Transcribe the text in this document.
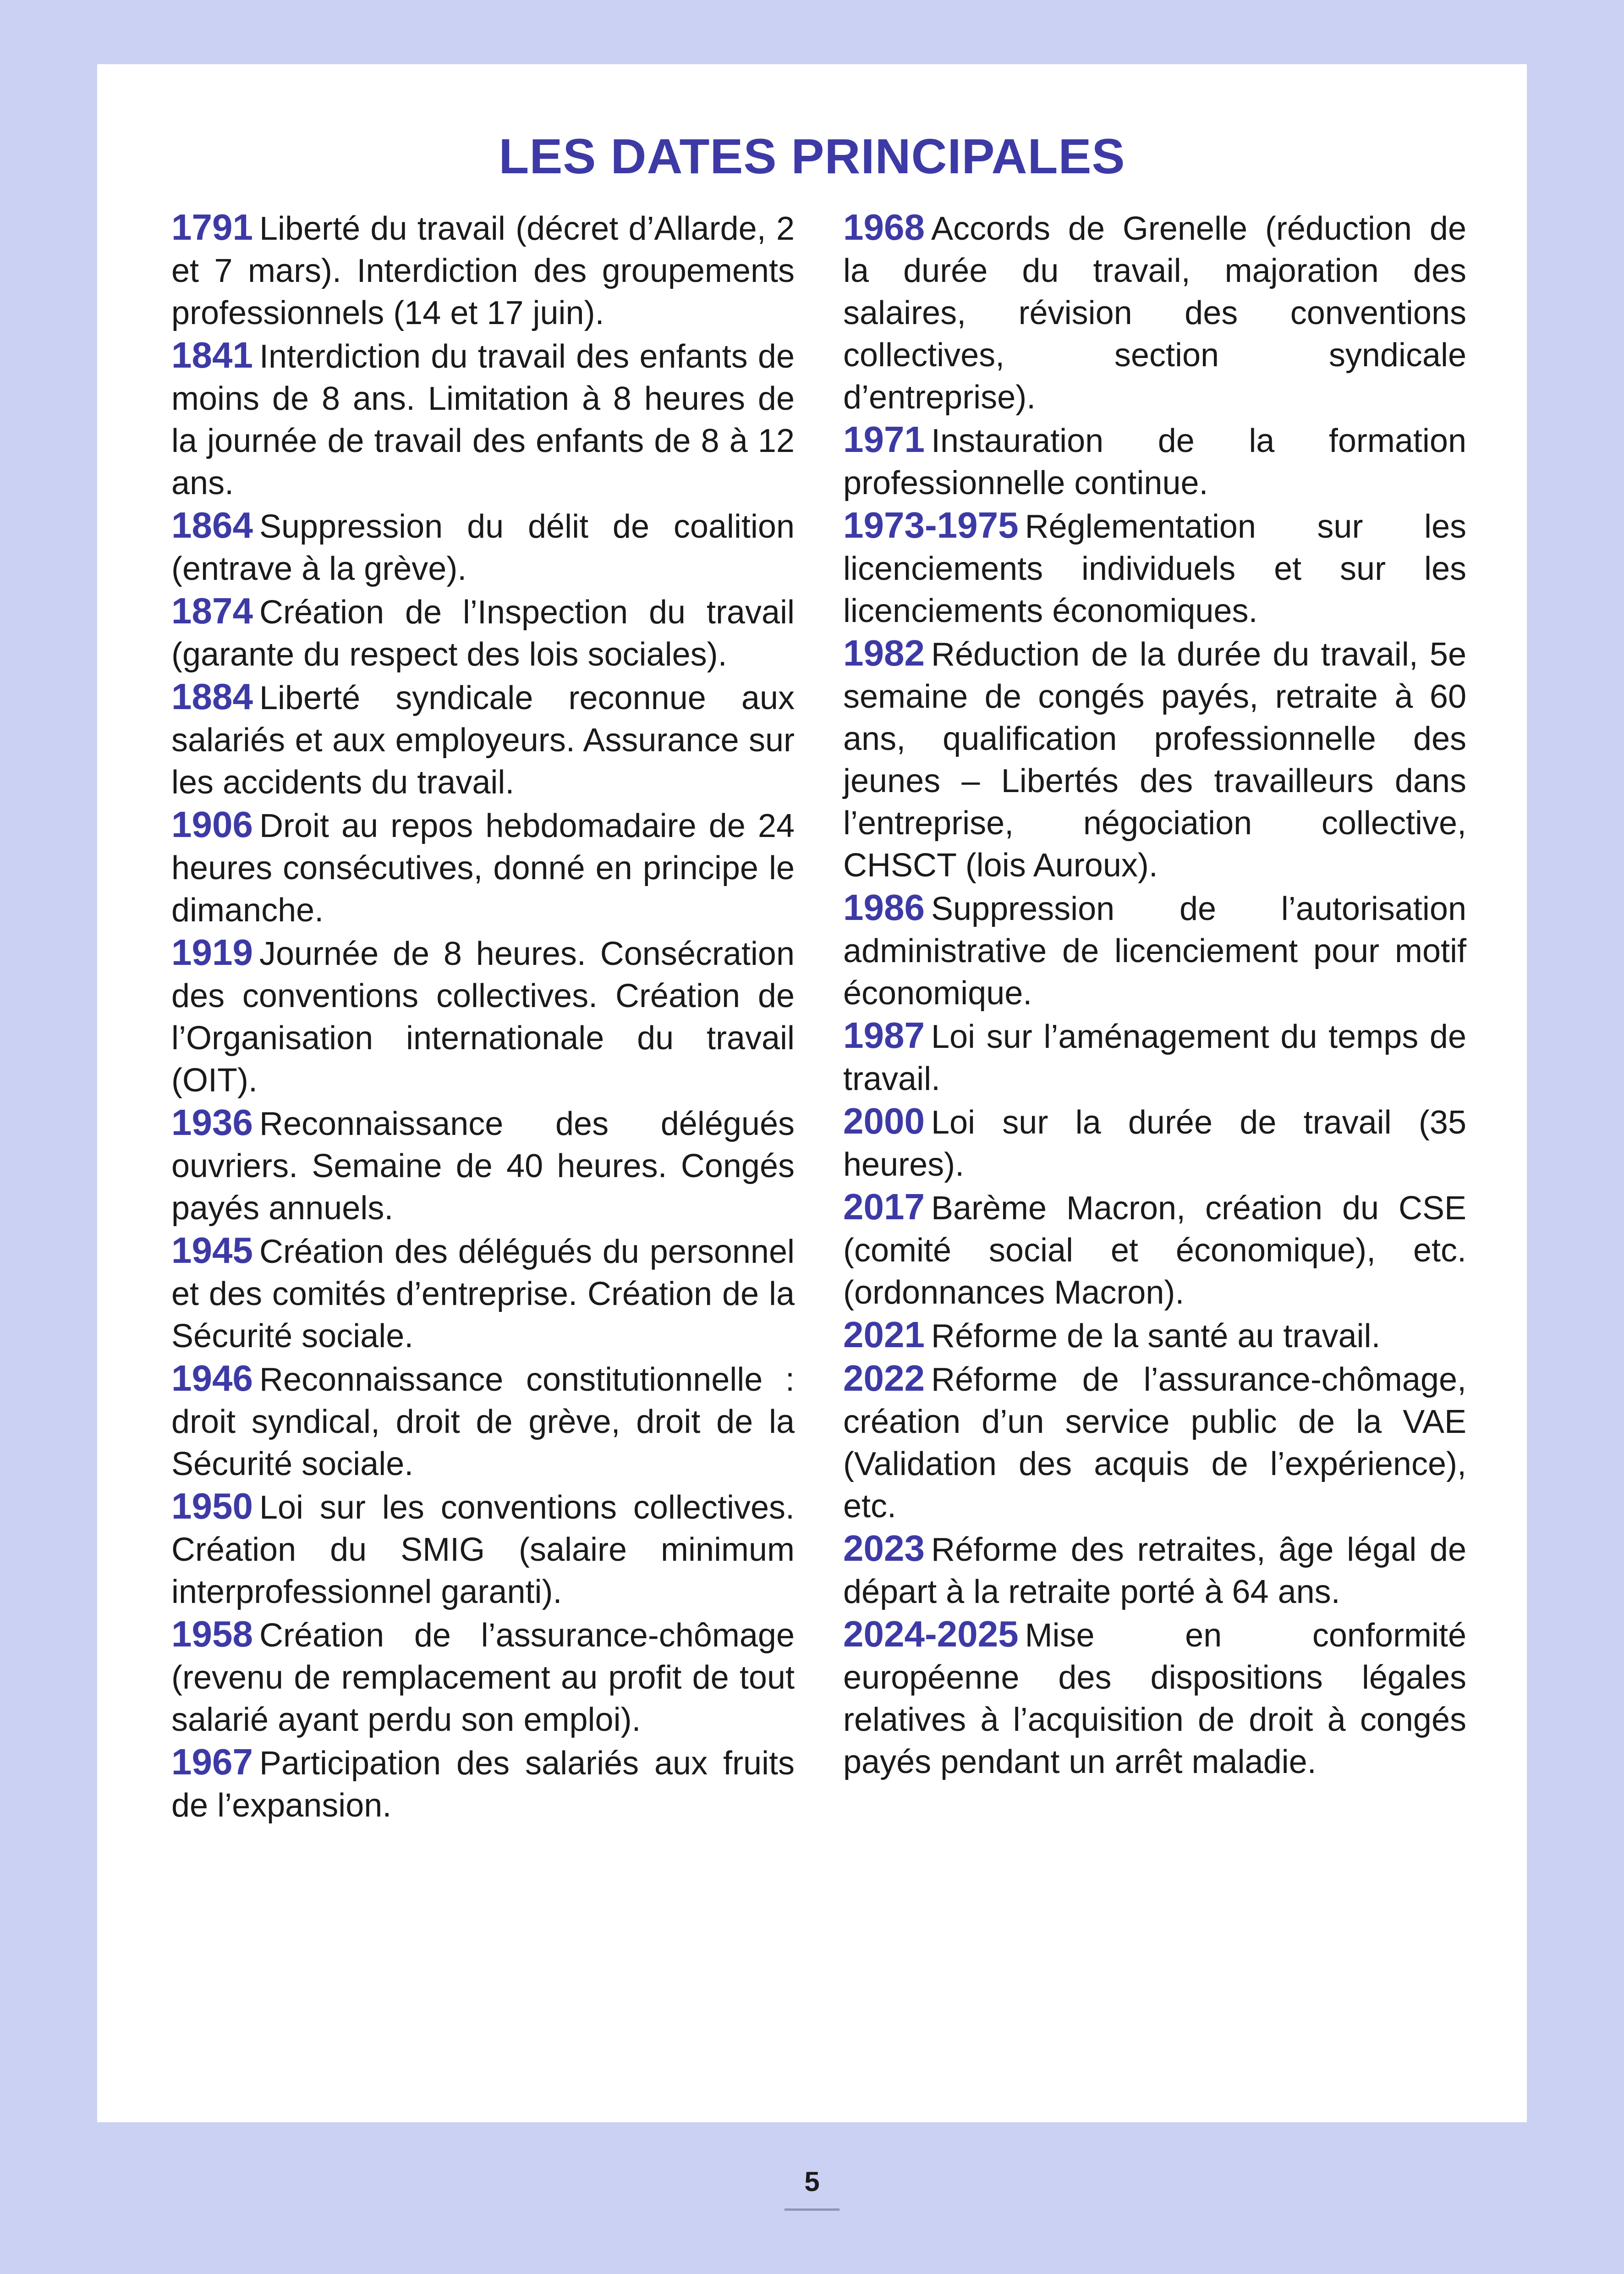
LES DATES PRINCIPALES

1791 Liberté du travail (décret d’Allarde, 2 et 7 mars). Interdiction des groupements professionnels (14 et 17 juin).

1841 Interdiction du travail des enfants de moins de 8 ans. Limitation à 8 heures de la journée de travail des enfants de 8 à 12 ans.

1864 Suppression du délit de coalition (entrave à la grève).

1874 Création de l’Inspection du travail (garante du respect des lois sociales).

1884 Liberté syndicale reconnue aux salariés et aux employeurs. Assurance sur les accidents du travail.

1906 Droit au repos hebdomadaire de 24 heures consécutives, donné en principe le dimanche.

1919 Journée de 8 heures. Consécration des conventions collectives. Création de l’Organisation internationale du travail (OIT).

1936 Reconnaissance des délégués ouvriers. Semaine de 40 heures. Congés payés annuels.

1945 Création des délégués du personnel et des comités d’entreprise. Création de la Sécurité sociale.

1946 Reconnaissance constitutionnelle : droit syndical, droit de grève, droit de la Sécurité sociale.

1950 Loi sur les conventions collectives. Création du SMIG (salaire minimum interprofessionnel garanti).

1958 Création de l’assurance-chômage (revenu de remplacement au profit de tout salarié ayant perdu son emploi).

1967 Participation des salariés aux fruits de l’expansion.

1968 Accords de Grenelle (réduction de la durée du travail, majoration des salaires, révision des conventions collectives, section syndicale d’entreprise).

1971 Instauration de la formation professionnelle continue.

1973-1975 Réglementation sur les licenciements individuels et sur les licenciements économiques.

1982 Réduction de la durée du travail, 5e semaine de congés payés, retraite à 60 ans, qualification professionnelle des jeunes – Libertés des travailleurs dans l’entreprise, négociation collective, CHSCT (lois Auroux).

1986 Suppression de l’autorisation administrative de licenciement pour motif économique.

1987 Loi sur l’aménagement du temps de travail.

2000 Loi sur la durée de travail (35 heures).

2017 Barème Macron, création du CSE (comité social et économique), etc. (ordonnances Macron).

2021 Réforme de la santé au travail.

2022 Réforme de l’assurance-chômage, création d’un service public de la VAE (Validation des acquis de l’expérience), etc.

2023 Réforme des retraites, âge légal de départ à la retraite porté à 64 ans.

2024-2025 Mise en conformité européenne des dispositions légales relatives à l’acquisition de droit à congés payés pendant un arrêt maladie.

5
